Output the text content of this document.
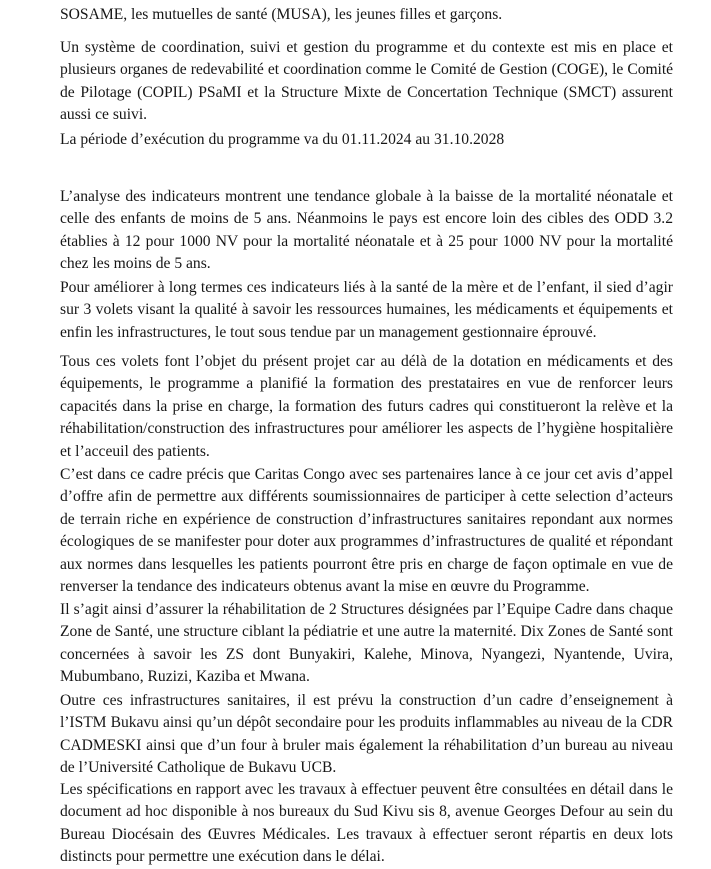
SOSAME, les mutuelles de santé (MUSA), les jeunes filles et garçons.

Un système de coordination, suivi et gestion du programme et du contexte est mis en place et
plusieurs organes de redevabilité et coordination comme le Comité de Gestion (COGE), le Comité
de Pilotage (COPIL) PSaMI et la Structure Mixte de Concertation Technique (SMCT) assurent
aussi ce suivi.

La période d’exécution du programme va du 01.11.2024 au 31.10.2028

L’analyse des indicateurs montrent une tendance globale à la baisse de la mortalité néonatale et
celle des enfants de moins de 5 ans. Néanmoins le pays est encore loin des cibles des ODD 3.2
établies à 12 pour 1000 NV pour la mortalité néonatale et à 25 pour 1000 NV pour la mortalité
chez les moins de 5 ans.

Pour améliorer à long termes ces indicateurs liés à la santé de la mère et de l’enfant, il sied d’agir
sur 3 volets visant la qualité à savoir les ressources humaines, les médicaments et équipements et
enfin les infrastructures, le tout sous tendue par un management gestionnaire éprouvé.

Tous ces volets font l’objet du présent projet car au délà de la dotation en médicaments et des
équipements, le programme a planifié la formation des prestataires en vue de renforcer leurs
capacités dans la prise en charge, la formation des futurs cadres qui constitueront la relève et la
réhabilitation/construction des infrastructures pour améliorer les aspects de l’hygiène hospitalière
et l’acceuil des patients.

C’est dans ce cadre précis que Caritas Congo avec ses partenaires lance à ce jour cet avis d’appel
d’offre afin de permettre aux différents soumissionnaires de participer à cette selection d’acteurs
de terrain riche en expérience de construction d’infrastructures sanitaires repondant aux normes
écologiques de se manifester pour doter aux programmes d’infrastructures de qualité et répondant
aux normes dans lesquelles les patients pourront être pris en charge de façon optimale en vue de
renverser la tendance des indicateurs obtenus avant la mise en œuvre du Programme.

Il s’agit ainsi d’assurer la réhabilitation de 2 Structures désignées par l’Equipe Cadre dans chaque
Zone de Santé, une structure ciblant la pédiatrie et une autre la maternité. Dix Zones de Santé sont
concernées à savoir les ZS dont Bunyakiri, Kalehe, Minova, Nyangezi, Nyantende, Uvira,
Mubumbano, Ruzizi, Kaziba et Mwana.

Outre ces infrastructures sanitaires, il est prévu la construction d’un cadre d’enseignement à
l’ISTM Bukavu ainsi qu’un dépôt secondaire pour les produits inflammables au niveau de la CDR
CADMESKI ainsi que d’un four à bruler mais également la réhabilitation d’un bureau au niveau
de l’Université Catholique de Bukavu UCB.

Les spécifications en rapport avec les travaux à effectuer peuvent être consultées en détail dans le
document ad hoc disponible à nos bureaux du Sud Kivu sis 8, avenue Georges Defour au sein du
Bureau Diocésain des Œuvres Médicales. Les travaux à effectuer seront répartis en deux lots
distincts pour permettre une exécution dans le délai.
